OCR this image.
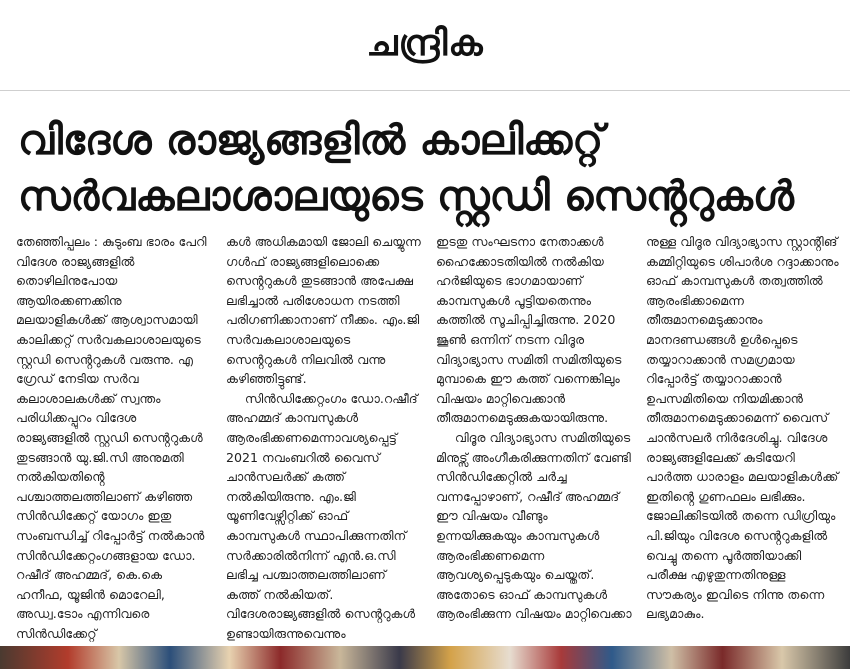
ചന്ദ്രിക
വിദേശ രാജ്യങ്ങളിൽ കാലിക്കറ്റ്
സർവകലാശാലയുടെ സ്റ്റഡി സെൻ്ററുകൾ

തേഞ്ഞിപ്പലം : കുടുംബ ഭാരം പേറി വിദേശ രാജ്യങ്ങളിൽ തൊഴിലിനുപോയ ആയിരക്കണക്കിനു മലയാളികൾക്ക് ആശ്വാസമായി കാലിക്കറ്റ് സർവകലാശാലയുടെ സ്റ്റഡി സെൻ്ററുകൾ വരുന്നു. എ ഗ്രേഡ് നേടിയ സർവ കലാശാലകൾക്ക് സ്വന്തം പരിധിക്കപ്പുറം വിദേശ രാജ്യങ്ങളിൽ സ്റ്റഡി സെൻ്ററുകൾ തുടങ്ങാൻ യു.ജി.സി അനുമതി നൽകിയതിൻ്റെ പശ്ചാത്തലത്തിലാണ് കഴിഞ്ഞ സിൻഡിക്കേറ്റ് യോഗം ഇതു സംബന്ധിച്ച് റിപ്പോർട്ട് നൽകാൻ സിൻഡിക്കേറ്റംഗങ്ങളായ ഡോ. റഷീദ് അഹമ്മദ്, കെ.കെ ഹനീഫ, യൂജിൻ മൊറേലി, അഡ്വ.ടോം എന്നിവരെ സിൻഡിക്കേറ്റ്

കൾ അധികമായി ജോലി ചെയ്യുന്ന ഗൾഫ് രാജ്യങ്ങളിലൊക്കെ സെൻ്ററുകൾ തുടങ്ങാൻ അപേക്ഷ ലഭിച്ചാൽ പരിശോധന നടത്തി പരിഗണിക്കാനാണ് നീക്കം. എം.ജി സർവകലാശാലയുടെ സെൻ്ററുകൾ നിലവിൽ വന്നു കഴിഞ്ഞിട്ടുണ്ട്.

സിൻഡിക്കേറ്റംഗം ഡോ.റഷീദ് അഹമ്മദ് കാമ്പസുകൾ ആരംഭിക്കണമെന്നാവശ്യപ്പെട്ട് 2021 നവംബറിൽ വൈസ് ചാൻസലർക്ക് കത്ത് നൽകിയിരുന്നു. എം.ജി യൂണിവേഴ്സിറ്റിക്ക് ഓഫ് കാമ്പസുകൾ സ്ഥാപിക്കുന്നതിന് സർക്കാരിൽനിന്ന് എൻ.ഒ.സി ലഭിച്ച പശ്ചാത്തലത്തിലാണ് കത്ത് നൽകിയത്. വിദേശരാജ്യങ്ങളിൽ സെൻ്ററുകൾ ഉണ്ടായിരുന്നുവെന്നും

ഇടതു സംഘടനാ നേതാക്കൾ ഹൈക്കോടതിയിൽ നൽകിയ ഹർജിയുടെ ഭാഗമായാണ് കാമ്പസുകൾ പൂട്ടിയതെന്നും കത്തിൽ സൂചിപ്പിച്ചിരുന്നു. 2020 ജൂൺ ഒന്നിന് നടന്ന വിദൂര വിദ്യാഭ്യാസ സമിതി സമിതിയുടെ മുമ്പാകെ ഈ കത്ത് വന്നെങ്കിലും വിഷയം മാറ്റിവെക്കാൻ തീരുമാനമെടുക്കുകയായിരുന്നു.

വിദൂര വിദ്യാഭ്യാസ സമിതിയുടെ മിനുട്സ് അംഗീകരിക്കുന്നതിന് വേണ്ടി സിൻഡിക്കേറ്റിൽ ചർച്ച വന്നപ്പോഴാണ്, റഷീദ് അഹമ്മദ് ഈ വിഷയം വീണ്ടും ഉന്നയിക്കുകയും കാമ്പസുകൾ ആരംഭിക്കണമെന്ന ആവശ്യപ്പെടുകയും ചെയ്തത്. അതോടെ ഓഫ് കാമ്പസുകൾ ആരംഭിക്കുന്ന വിഷയം മാറ്റിവെക്കാ

നുള്ള വിദൂര വിദ്യാഭ്യാസ സ്റ്റാൻ്റിങ് കമ്മിറ്റിയുടെ ശിപാർശ റദ്ദാക്കാനും ഓഫ് കാമ്പസുകൾ തത്വത്തിൽ ആരംഭിക്കാമെന്ന തീരുമാനമെടുക്കാനും മാനദണ്ഡങ്ങൾ ഉൾപ്പെടെ തയ്യാറാക്കാൻ സമഗ്രമായ റിപ്പോർട്ട് തയ്യാറാക്കാൻ ഉപസമിതിയെ നിയമിക്കാൻ തീരുമാനമെടുക്കാമെന്ന് വൈസ് ചാൻസലർ നിർദേശിച്ചു. വിദേശ രാജ്യങ്ങളിലേക്ക് കുടിയേറി പാർത്ത ധാരാളം മലയാളികൾക്ക് ഇതിൻ്റെ ഗുണഫലം ലഭിക്കും. ജോലിക്കിടയിൽ തന്നെ ഡിഗ്രിയും പി.ജിയും വിദേശ സെൻ്ററുകളിൽ വെച്ചു തന്നെ പൂർത്തിയാക്കി പരീക്ഷ എഴുതുന്നതിനുള്ള സൗകര്യം ഇവിടെ നിന്നു തന്നെ ലഭ്യമാകും.
